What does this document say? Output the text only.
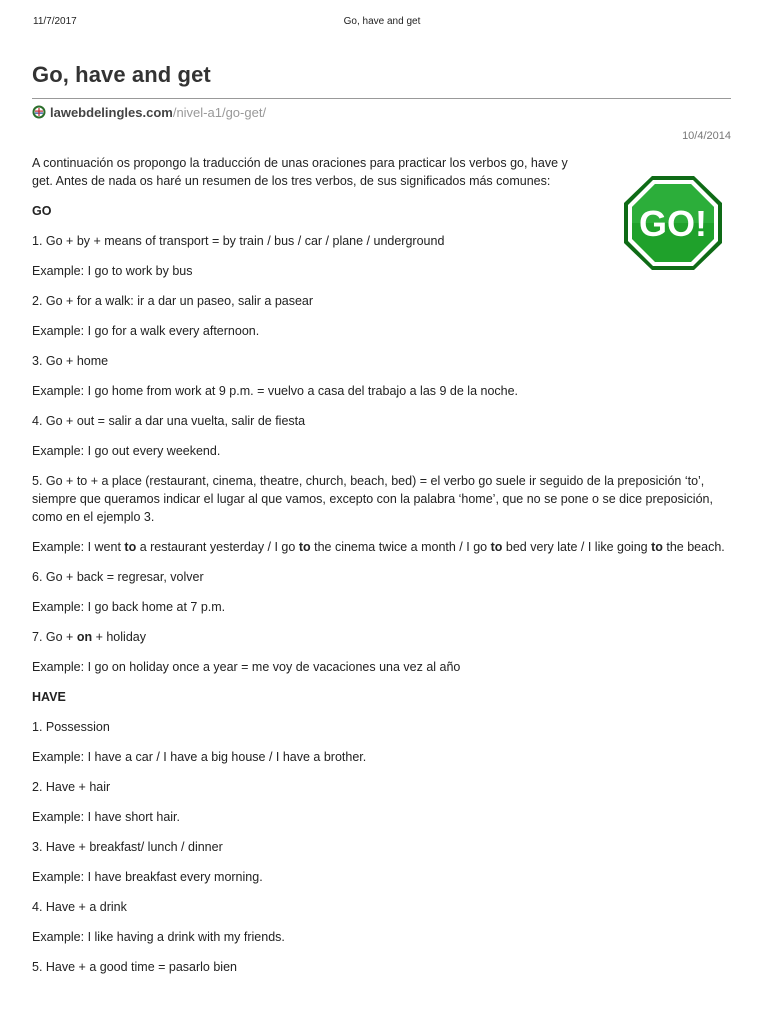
11/7/2017	Go, have and get
Go, have and get
lawebdelingles.com /nivel-a1/go-get/
10/4/2014
GO!

A continuación os propongo la traducción de unas oraciones para practicar los verbos go, have y get. Antes de nada os haré un resumen de los tres verbos, de sus significados más comunes:

GO

1. Go + by + means of transport = by train / bus / car / plane / underground

Example: I go to work by bus

2. Go + for a walk: ir a dar un paseo, salir a pasear

Example: I go for a walk every afternoon.

3. Go + home

Example: I go home from work at 9 p.m. = vuelvo a casa del trabajo a las 9 de la noche.

4. Go + out = salir a dar una vuelta, salir de fiesta

Example: I go out every weekend.

5. Go + to + a place (restaurant, cinema, theatre, church, beach, bed) = el verbo go suele ir seguido de la preposición ‘to’, siempre que queramos indicar el lugar al que vamos, excepto con la palabra ‘home’, que no se pone o se dice preposición, como en el ejemplo 3.

Example: I went to a restaurant yesterday / I go to the cinema twice a month / I go to bed very late / I like going to the beach.

6. Go + back = regresar, volver

Example: I go back home at 7 p.m.

7. Go + on + holiday

Example: I go on holiday once a year = me voy de vacaciones una vez al año

HAVE

1. Possession

Example: I have a car / I have a big house / I have a brother.

2. Have + hair

Example: I have short hair.

3. Have + breakfast/ lunch / dinner

Example: I have breakfast every morning.

4. Have + a drink

Example: I like having a drink with my friends.

5. Have + a good time = pasarlo bien
